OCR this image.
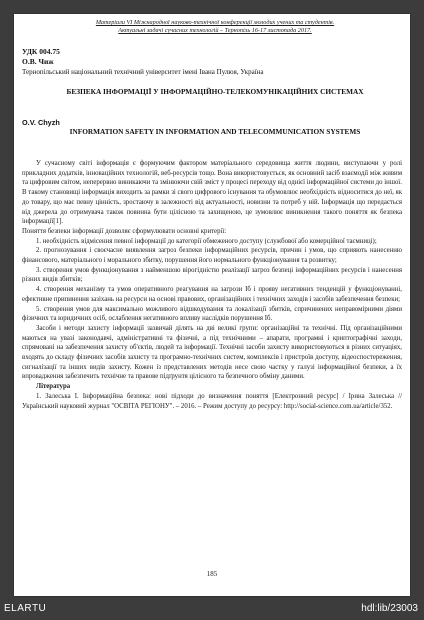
Матеріали VI Міжнародної науково-технічної конференції молодих учених та студентів.
Актуальні задачі сучасних технологій – Тернопіль 16-17 листопада 2017.
УДК 004.75
О.В. Чиж
Тернопільський національний технічний університет імені Івана Пулюя, Україна
БЕЗПЕКА ІНФОРМАЦІЇ У ІНФОРМАЦІЙНО-ТЕЛЕКОМУНІКАЦІЙНИХ СИСТЕМАХ
O.V. Chyzh
INFORMATION SAFETY IN INFORMATION AND TELECOMMUNICATION SYSTEMS

У сучасному світі інформація є формуючим фактором матеріального середовища життя людини, виступаючи у ролі прикладних додатків, інноваційних технологій, веб-ресурсів тощо. Вона використовується, як основний засіб взаємодії між живим та цифровим світом, неперервно виникаючи та змінюючи свій зміст у процесі переходу від однієї інформаційної системи до іншої. В такому становищі інформація виходить за рамки зі свого цифрового існування та обумовлює необхідність відноситися до неї, як до товару, що має певну цінність, зростаючу в залежності від актуальності, новизни та потреб у ній. Інформація що передається від джерела до отримувача також повинна бути цілісною та захищеною, це зумовлює виникнення такого поняття як безпека інформації[1].

Поняття безпеки інформації дозволяє сформулювати основні критерії:

1. необхідність відмісення певної інформації до категорії обмеженого доступу (службової або комерційної таємниці);

2. прогнозування і своєчасне виявлення загроз безпеки інформаційних ресурсів, причин і умов, що сприяють нанесенню фінансового, матеріального і морального збитку, порушення його нормального функціонування та розвитку;

3. створення умов функціонування з найменшою вірогідністю реалізації загроз безпеці інформаційних ресурсів і нанесення різних видів збитків;

4. створення механізму та умов оперативного реагування на загрози Іб і прояву негативних тенденцій у функціонуванні, ефективне припинення зазіхань на ресурси на основі правових, організаційних і технічних заходів і засобів забезпечення безпеки;

5. створення умов для максимально можливого відшкодування та локалізації збитків, спричинених неправомірними діями фізичних та юридичних осіб, ослаблення негативного впливу наслідків порушення Іб.

Засоби і методи захисту інформації зазвичай ділять на дві великі групи: організаційні та технічні. Під організаційними маються на увазі законодавчі, адміністративні та фізичні, а під технічними – апарати, програмні і криптографічні заходи, спрямовані на забезпечення захисту об'єктів, людей та інформації. Технічні засоби захисту використовуються в різних ситуаціях, входять до складу фізичних засобів захисту та програмно-технічних систем, комплексів і пристроїв доступу, відеоспостереження, сигналізації та інших видів захисту. Кожен із представлених методів несе свою частку у галузі інформаційної безпеки, а їх впровадження забезпечить технічне та правове підґрунтя цілісного та безпечного обміну даними.

Література

1. Залеська І. Інформаційна безпека: нові підходи до визначення поняття [Електронний ресурс] / Ірина Залеська // Український науковий журнал "ОСВІТА РЕГІОНУ". – 2016. – Режим доступу до ресурсу: http://social-science.com.ua/article/352.

185
ELARTU	hdl:lib/23003
